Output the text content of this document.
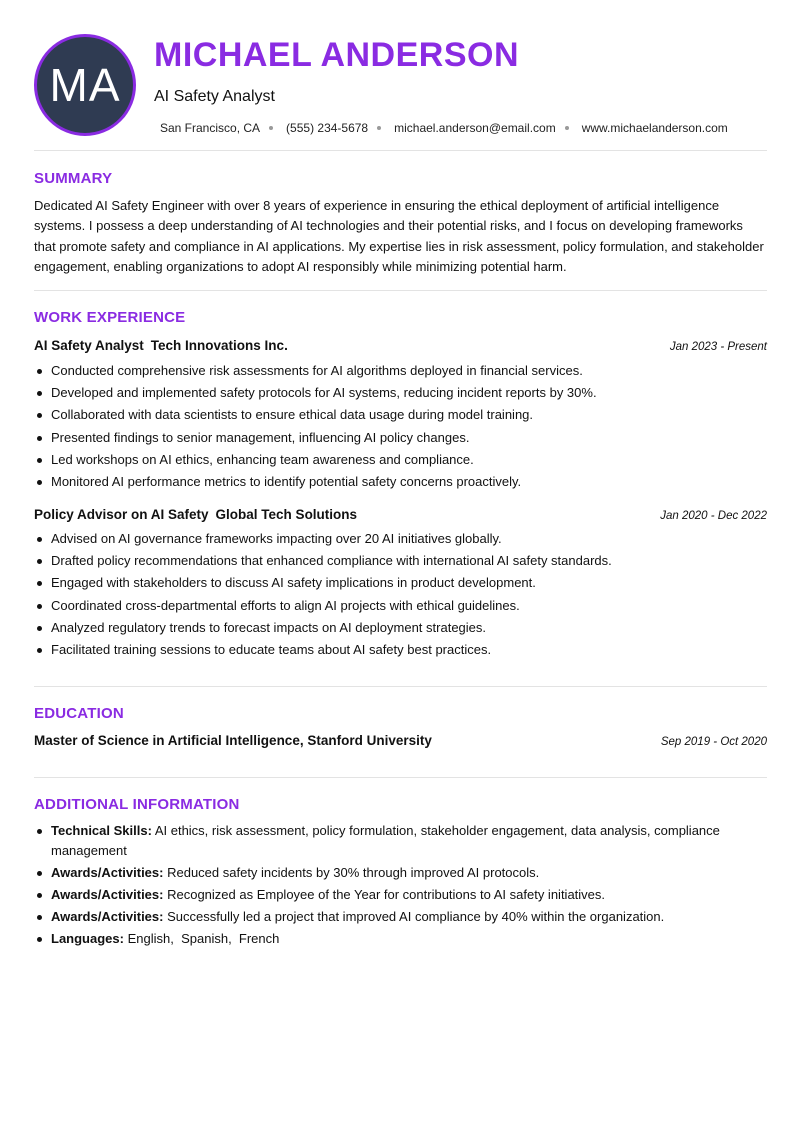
MA
MICHAEL ANDERSON
AI Safety Analyst
San Francisco, CA (555) 234-5678 michael.anderson@email.com www.michaelanderson.com
SUMMARY
Dedicated AI Safety Engineer with over 8 years of experience in ensuring the ethical deployment of artificial intelligence systems. I possess a deep understanding of AI technologies and their potential risks, and I focus on developing frameworks that promote safety and compliance in AI applications. My expertise lies in risk assessment, policy formulation, and stakeholder engagement, enabling organizations to adopt AI responsibly while minimizing potential harm.
WORK EXPERIENCE
AI Safety Analyst Tech Innovations Inc.	Jan 2023 - Present
Conducted comprehensive risk assessments for AI algorithms deployed in financial services.
Developed and implemented safety protocols for AI systems, reducing incident reports by 30%.
Collaborated with data scientists to ensure ethical data usage during model training.
Presented findings to senior management, influencing AI policy changes.
Led workshops on AI ethics, enhancing team awareness and compliance.
Monitored AI performance metrics to identify potential safety concerns proactively.
Policy Advisor on AI Safety Global Tech Solutions	Jan 2020 - Dec 2022
Advised on AI governance frameworks impacting over 20 AI initiatives globally.
Drafted policy recommendations that enhanced compliance with international AI safety standards.
Engaged with stakeholders to discuss AI safety implications in product development.
Coordinated cross-departmental efforts to align AI projects with ethical guidelines.
Analyzed regulatory trends to forecast impacts on AI deployment strategies.
Facilitated training sessions to educate teams about AI safety best practices.
EDUCATION
Master of Science in Artificial Intelligence, Stanford University	Sep 2019 - Oct 2020
ADDITIONAL INFORMATION
Technical Skills: AI ethics, risk assessment, policy formulation, stakeholder engagement, data analysis, compliance management
Awards/Activities: Reduced safety incidents by 30% through improved AI protocols.
Awards/Activities: Recognized as Employee of the Year for contributions to AI safety initiatives.
Awards/Activities: Successfully led a project that improved AI compliance by 40% within the organization.
Languages: English ,  Spanish ,  French
